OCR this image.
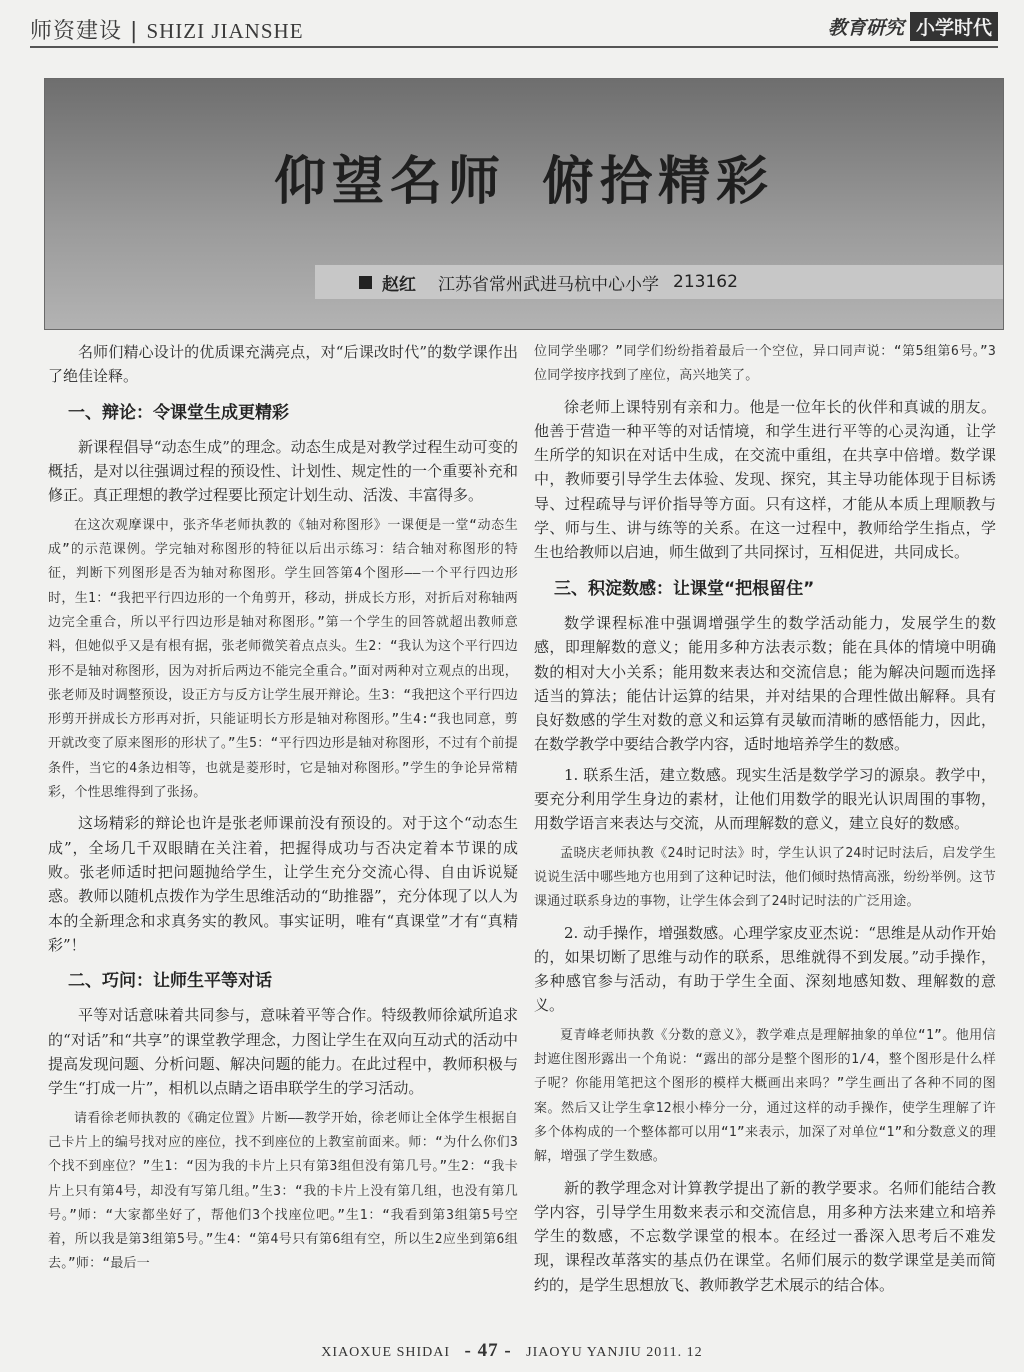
师资建设 | SHIZI JIANSHE	教育研究 小学时代
仰望名师 俯拾精彩
赵红 江苏省常州武进马杭中心小学 213162

名师们精心设计的优质课充满亮点，对“后课改时代”的数学课作出了绝佳诠释。

一、辩论：令课堂生成更精彩

新课程倡导“动态生成”的理念。动态生成是对教学过程生动可变的概括，是对以往强调过程的预设性、计划性、规定性的一个重要补充和修正。真正理想的教学过程要比预定计划生动、活泼、丰富得多。

在这次观摩课中，张齐华老师执教的《轴对称图形》一课便是一堂“动态生成”的示范课例。学完轴对称图形的特征以后出示练习：结合轴对称图形的特征，判断下列图形是否为轴对称图形。学生回答第4个图形——一个平行四边形时，生1：“我把平行四边形的一个角剪开，移动，拼成长方形，对折后对称轴两边完全重合，所以平行四边形是轴对称图形。”第一个学生的回答就超出教师意料，但她似乎又是有根有据，张老师微笑着点点头。生2：“我认为这个平行四边形不是轴对称图形，因为对折后两边不能完全重合。”面对两种对立观点的出现，张老师及时调整预设，设正方与反方让学生展开辩论。生3：“我把这个平行四边形剪开拼成长方形再对折，只能证明长方形是轴对称图形。”生4:“我也同意，剪开就改变了原来图形的形状了。”生5：“平行四边形是轴对称图形，不过有个前提条件，当它的4条边相等，也就是菱形时，它是轴对称图形。”学生的争论异常精彩，个性思维得到了张扬。

这场精彩的辩论也许是张老师课前没有预设的。对于这个“动态生成”，全场几千双眼睛在关注着，把握得成功与否决定着本节课的成败。张老师适时把问题抛给学生，让学生充分交流心得、自由诉说疑惑。教师以随机点拨作为学生思维活动的“助推器”，充分体现了以人为本的全新理念和求真务实的教风。事实证明，唯有“真课堂”才有“真精彩”！

二、巧问：让师生平等对话

平等对话意味着共同参与，意味着平等合作。特级教师徐斌所追求的“对话”和“共享”的课堂教学理念，力图让学生在双向互动式的活动中提高发现问题、分析问题、解决问题的能力。在此过程中，教师积极与学生“打成一片”，相机以点睛之语串联学生的学习活动。

请看徐老师执教的《确定位置》片断——教学开始，徐老师让全体学生根据自己卡片上的编号找对应的座位，找不到座位的上教室前面来。师：“为什么你们3个找不到座位？”生1：“因为我的卡片上只有第3组但没有第几号。”生2：“我卡片上只有第4号，却没有写第几组。”生3：“我的卡片上没有第几组，也没有第几号。”师：“大家都坐好了，帮他们3个找座位吧。”生1：“我看到第3组第5号空着，所以我是第3组第5号。”生4：“第4号只有第6组有空，所以生2应坐到第6组去。”师：“最后一

位同学坐哪？”同学们纷纷指着最后一个空位，异口同声说：“第5组第6号。”3位同学按序找到了座位，高兴地笑了。

徐老师上课特别有亲和力。他是一位年长的伙伴和真诚的朋友。他善于营造一种平等的对话情境，和学生进行平等的心灵沟通，让学生所学的知识在对话中生成，在交流中重组，在共享中倍增。数学课中，教师要引导学生去体验、发现、探究，其主导功能体现于目标诱导、过程疏导与评价指导等方面。只有这样，才能从本质上理顺教与学、师与生、讲与练等的关系。在这一过程中，教师给学生指点，学生也给教师以启迪，师生做到了共同探讨，互相促进，共同成长。

三、积淀数感：让课堂“把根留住”

数学课程标准中强调增强学生的数学活动能力，发展学生的数感，即理解数的意义；能用多种方法表示数；能在具体的情境中明确数的相对大小关系；能用数来表达和交流信息；能为解决问题而选择适当的算法；能估计运算的结果，并对结果的合理性做出解释。具有良好数感的学生对数的意义和运算有灵敏而清晰的感悟能力，因此，在数学教学中要结合教学内容，适时地培养学生的数感。

1. 联系生活，建立数感。现实生活是数学学习的源泉。教学中，要充分利用学生身边的素材，让他们用数学的眼光认识周围的事物，用数学语言来表达与交流，从而理解数的意义，建立良好的数感。

孟晓庆老师执教《24时记时法》时，学生认识了24时记时法后，启发学生说说生活中哪些地方也用到了这种记时法，他们倾时热情高涨，纷纷举例。这节课通过联系身边的事物，让学生体会到了24时记时法的广泛用途。

2. 动手操作，增强数感。心理学家皮亚杰说：“思维是从动作开始的，如果切断了思维与动作的联系，思维就得不到发展。”动手操作，多种感官参与活动，有助于学生全面、深刻地感知数、理解数的意义。

夏青峰老师执教《分数的意义》，教学难点是理解抽象的单位“1”。他用信封遮住图形露出一个角说：“露出的部分是整个图形的1/4，整个图形是什么样子呢？你能用笔把这个图形的模样大概画出来吗？”学生画出了各种不同的图案。然后又让学生拿12根小棒分一分，通过这样的动手操作，使学生理解了许多个体构成的一个整体都可以用“1”来表示，加深了对单位“1”和分数意义的理解，增强了学生数感。

新的教学理念对计算教学提出了新的教学要求。名师们能结合教学内容，引导学生用数来表示和交流信息，用多种方法来建立和培养学生的数感，不忘数学课堂的根本。在经过一番深入思考后不难发现，课程改革落实的基点仍在课堂。名师们展示的数学课堂是美而简约的，是学生思想放飞、教师教学艺术展示的结合体。

XIAOXUE SHIDAI - 47 - JIAOYU YANJIU 2011. 12
